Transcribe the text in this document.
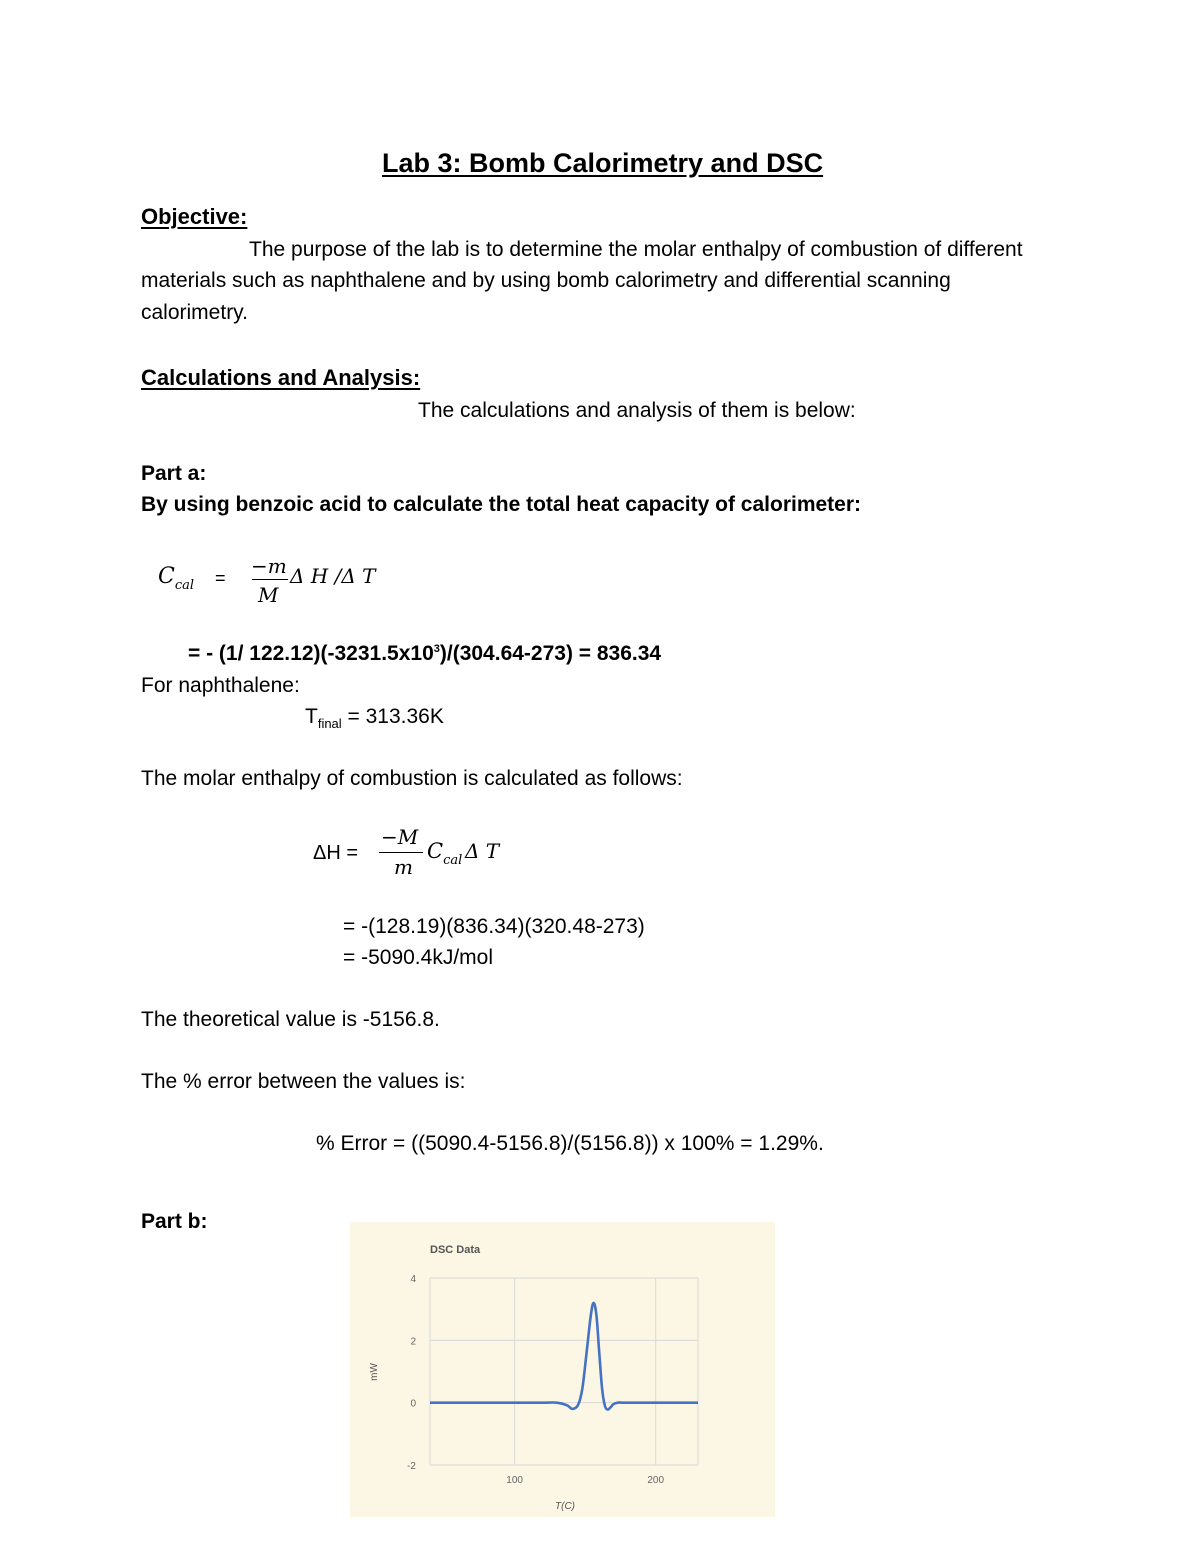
Lab 3: Bomb Calorimetry and DSC
Objective:
The purpose of the lab is to determine the molar enthalpy of combustion of different
materials such as naphthalene and by using bomb calorimetry and differential scanning
calorimetry.
Calculations and Analysis:
The calculations and analysis of them is below:
Part a:
By using benzoic acid to calculate the total heat capacity of calorimeter:
$C_{cal} = -m$
M
Δ H /Δ T
= - (1/ $122.12)(-3231.5x10^3)/(304.64-273) = 836.34$
For naphthalene:
$T_{final} = 313.36K$
The molar enthalpy of combustion is calculated as follows:
ΔH =
−M
m
$C_{cal}$ Δ T
= -(128.19)(836.34)(320.48-273)
= -5090.4kJ/mol
The theoretical value is -5156.8.
The % error between the values is:
% Error = ((5090.4-5156.8)/(5156.8)) x 100% = 1.29%.
Part b:
DSC Data
4
2
0
-2
100	200
T(C)
mW
